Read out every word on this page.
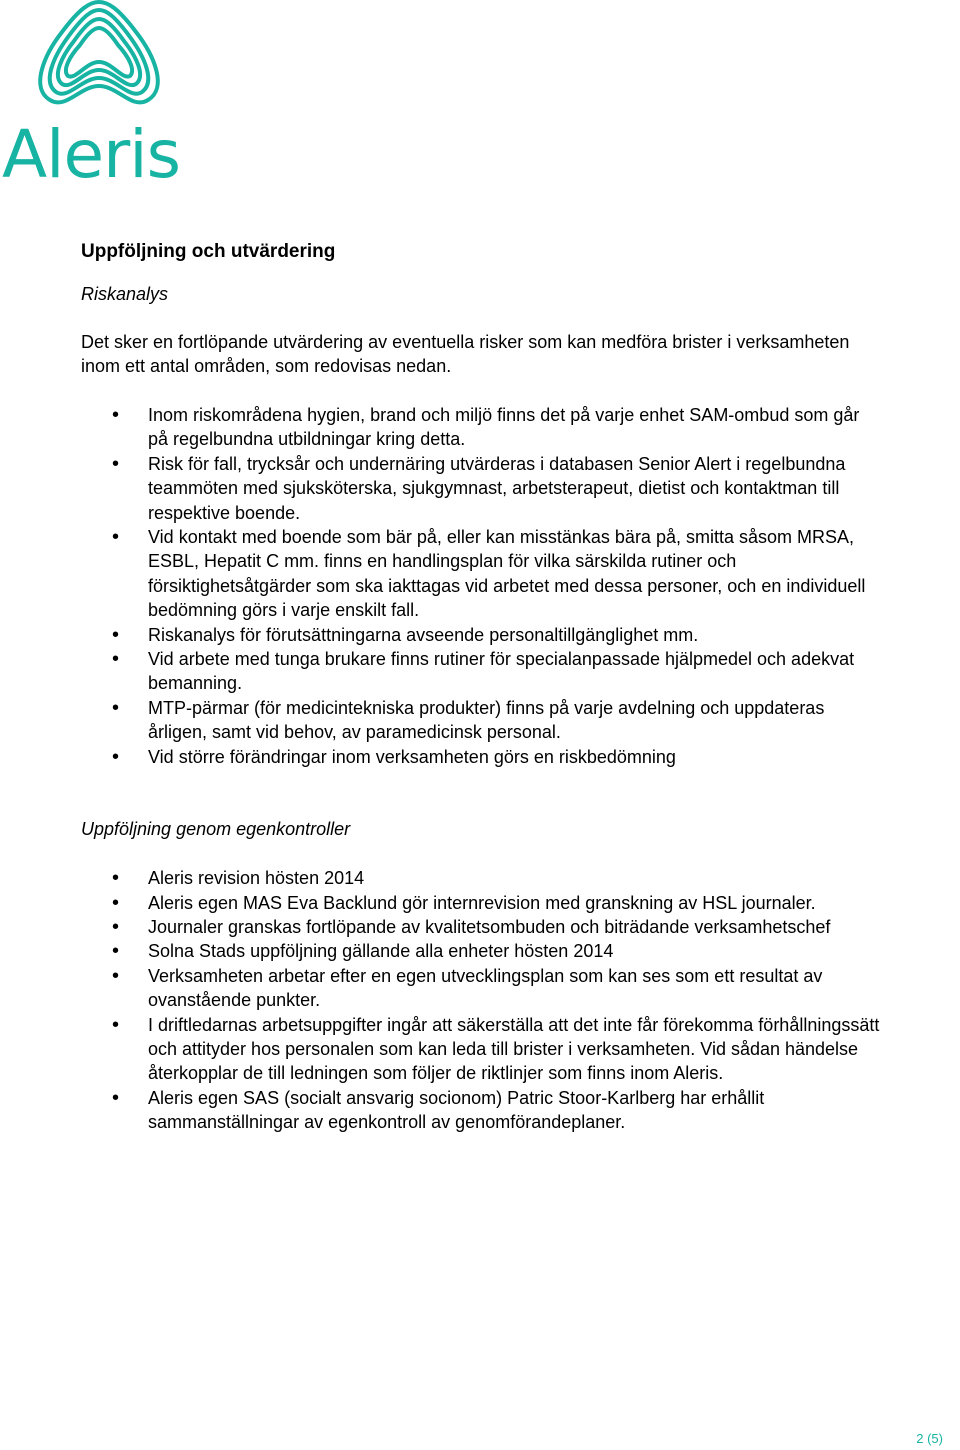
Aleris
Uppföljning och utvärdering
Riskanalys

Det sker en fortlöpande utvärdering av eventuella risker som kan medföra brister i verksamheten inom ett antal områden, som redovisas nedan.

• Inom riskområdena hygien, brand och miljö finns det på varje enhet SAM-ombud som går på regelbundna utbildningar kring detta.
• Risk för fall, trycksår och undernäring utvärderas i databasen Senior Alert i regelbundna teammöten med sjuksköterska, sjukgymnast, arbetsterapeut, dietist och kontaktman till respektive boende.
• Vid kontakt med boende som bär på, eller kan misstänkas bära på, smitta såsom MRSA, ESBL, Hepatit C mm. finns en handlingsplan för vilka särskilda rutiner och försiktighetsåtgärder som ska iakttagas vid arbetet med dessa personer, och en individuell bedömning görs i varje enskilt fall.
• Riskanalys för förutsättningarna avseende personaltillgänglighet mm.
• Vid arbete med tunga brukare finns rutiner för specialanpassade hjälpmedel och adekvat bemanning.
• MTP-pärmar (för medicintekniska produkter) finns på varje avdelning och uppdateras årligen, samt vid behov, av paramedicinsk personal.
• Vid större förändringar inom verksamheten görs en riskbedömning
Uppföljning genom egenkontroller
• Aleris revision hösten 2014
• Aleris egen MAS Eva Backlund gör internrevision med granskning av HSL journaler.
• Journaler granskas fortlöpande av kvalitetsombuden och biträdande verksamhetschef
• Solna Stads uppföljning gällande alla enheter hösten 2014
• Verksamheten arbetar efter en egen utvecklingsplan som kan ses som ett resultat av ovanstående punkter.
• I driftledarnas arbetsuppgifter ingår att säkerställa att det inte får förekomma förhållningssätt och attityder hos personalen som kan leda till brister i verksamheten. Vid sådan händelse återkopplar de till ledningen som följer de riktlinjer som finns inom Aleris.
• Aleris egen SAS (socialt ansvarig socionom) Patric Stoor-Karlberg har erhållit sammanställningar av egenkontroll av genomförandeplaner.
2 (5)
